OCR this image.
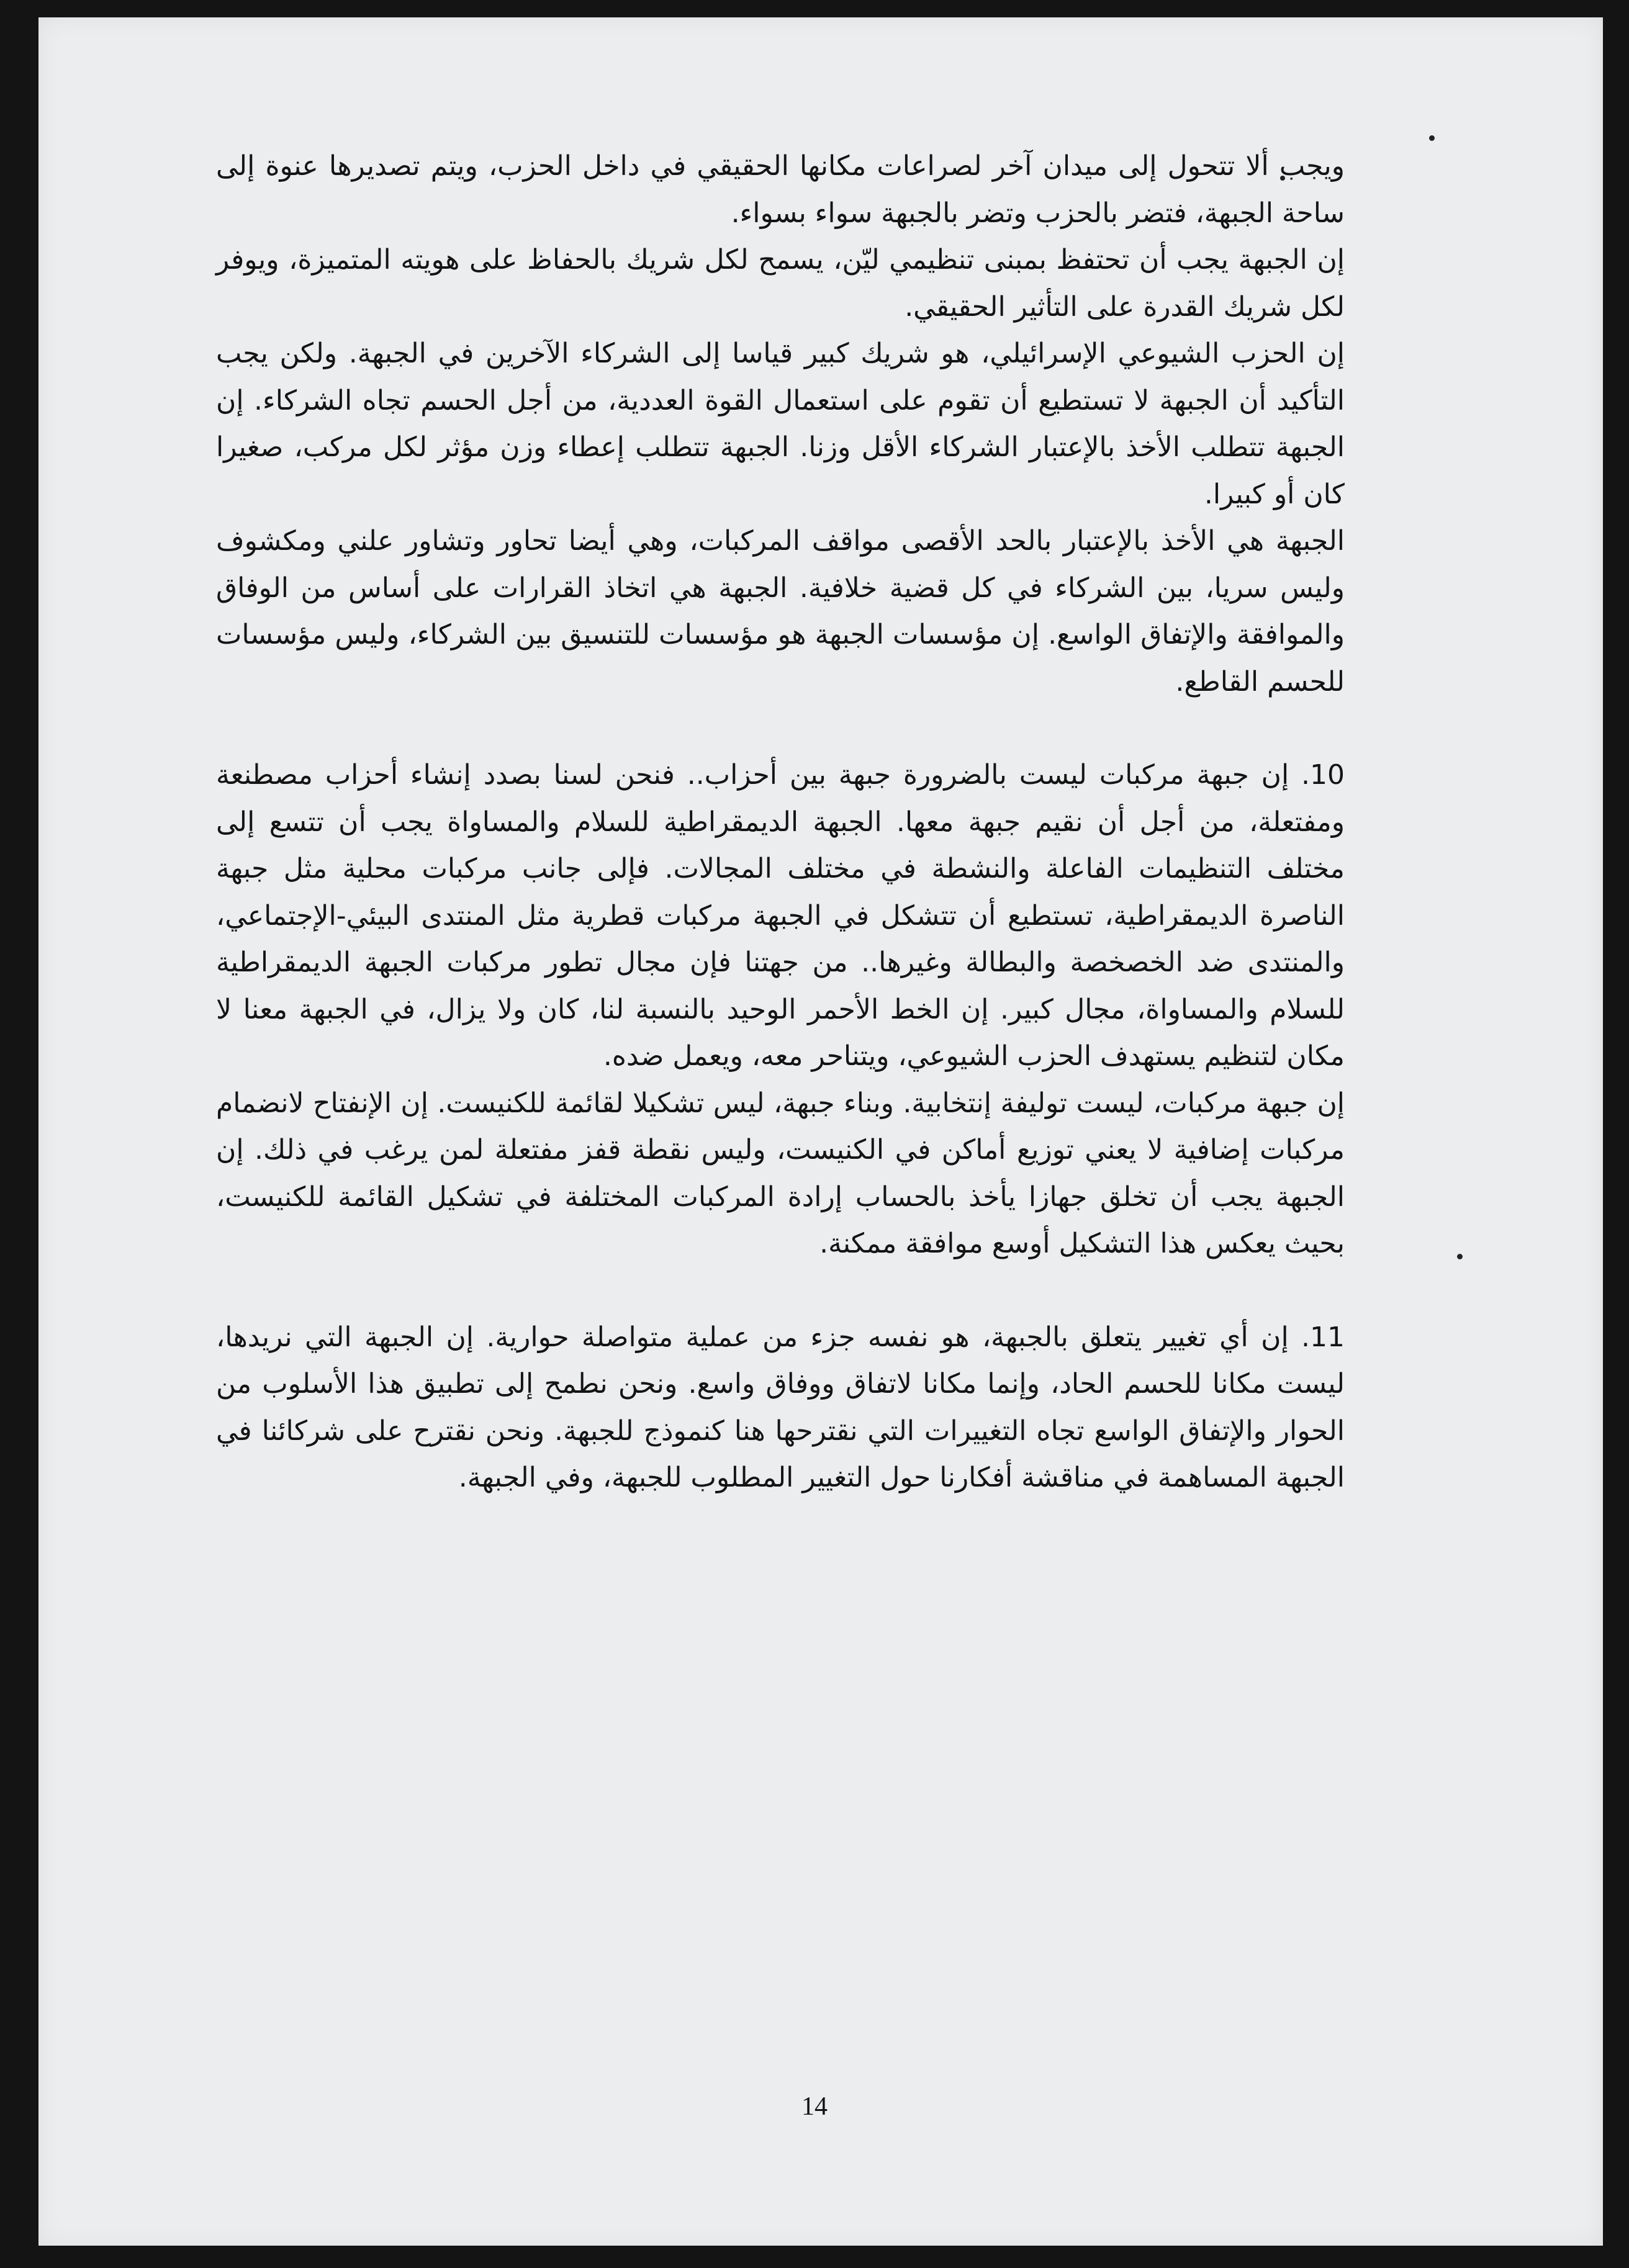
ويجب ألا تتحول إلى ميدان آخر لصراعات مكانها الحقيقي في داخل الحزب، ويتم تصديرها عنوة إلى ساحة الجبهة، فتضر بالحزب وتضر بالجبهة سواء بسواء.

إن الجبهة يجب أن تحتفظ بمبنى تنظيمي ليّن، يسمح لكل شريك بالحفاظ على هويته المتميزة، ويوفر لكل شريك القدرة على التأثير الحقيقي.

إن الحزب الشيوعي الإسرائيلي، هو شريك كبير قياسا إلى الشركاء الآخرين في الجبهة. ولكن يجب التأكيد أن الجبهة لا تستطيع أن تقوم على استعمال القوة العددية، من أجل الحسم تجاه الشركاء. إن الجبهة تتطلب الأخذ بالإعتبار الشركاء الأقل وزنا. الجبهة تتطلب إعطاء وزن مؤثر لكل مركب، صغيرا كان أو كبيرا.

الجبهة هي الأخذ بالإعتبار بالحد الأقصى مواقف المركبات، وهي أيضا تحاور وتشاور علني ومكشوف وليس سريا، بين الشركاء في كل قضية خلافية. الجبهة هي اتخاذ القرارات على أساس من الوفاق والموافقة والإتفاق الواسع. إن مؤسسات الجبهة هو مؤسسات للتنسيق بين الشركاء، وليس مؤسسات للحسم القاطع.

10. إن جبهة مركبات ليست بالضرورة جبهة بين أحزاب.. فنحن لسنا بصدد إنشاء أحزاب مصطنعة ومفتعلة، من أجل أن نقيم جبهة معها. الجبهة الديمقراطية للسلام والمساواة يجب أن تتسع إلى مختلف التنظيمات الفاعلة والنشطة في مختلف المجالات. فإلى جانب مركبات محلية مثل جبهة الناصرة الديمقراطية، تستطيع أن تتشكل في الجبهة مركبات قطرية مثل المنتدى البيئي-الإجتماعي، والمنتدى ضد الخصخصة والبطالة وغيرها.. من جهتنا فإن مجال تطور مركبات الجبهة الديمقراطية للسلام والمساواة، مجال كبير. إن الخط الأحمر الوحيد بالنسبة لنا، كان ولا يزال، في الجبهة معنا لا مكان لتنظيم يستهدف الحزب الشيوعي، ويتناحر معه، ويعمل ضده.

إن جبهة مركبات، ليست توليفة إنتخابية. وبناء جبهة، ليس تشكيلا لقائمة للكنيست. إن الإنفتاح لانضمام مركبات إضافية لا يعني توزيع أماكن في الكنيست، وليس نقطة قفز مفتعلة لمن يرغب في ذلك. إن الجبهة يجب أن تخلق جهازا يأخذ بالحساب إرادة المركبات المختلفة في تشكيل القائمة للكنيست، بحيث يعكس هذا التشكيل أوسع موافقة ممكنة.

11. إن أي تغيير يتعلق بالجبهة، هو نفسه جزء من عملية متواصلة حوارية. إن الجبهة التي نريدها، ليست مكانا للحسم الحاد، وإنما مكانا لاتفاق ووفاق واسع. ونحن نطمح إلى تطبيق هذا الأسلوب من الحوار والإتفاق الواسع تجاه التغييرات التي نقترحها هنا كنموذج للجبهة. ونحن نقترح على شركائنا في الجبهة المساهمة في مناقشة أفكارنا حول التغيير المطلوب للجبهة، وفي الجبهة.

14
